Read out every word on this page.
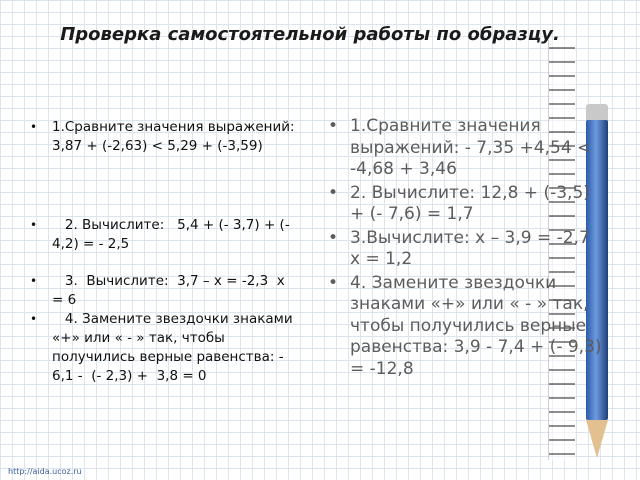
Проверка самостоятельной работы по образцу.
• 1.Сравните значения выражений: 3,87 + (-2,63) < 5,29 + (-3,59)
• 2. Вычислите:   5,4 + (- 3,7) + (- 4,2) = - 2,5
• 3.  Вычислите:  3,7 – х = -2,3  х = 6
• 4. Замените звездочки знаками «+» или « - » так, чтобы получились верные равенства: - 6,1 -  (- 2,3) +  3,8 = 0
• 1.Сравните значения выражений: - 7,35 +4,54 < -4,68 + 3,46
• 2. Вычислите: 12,8 + (-3,5) + (- 7,6) = 1,7
• 3.Вычислите: х – 3,9 = -2,7 х = 1,2
• 4. Замените звездочки знаками «+» или « - » так, чтобы получились верные равенства: 3,9 - 7,4 + (- 9,3) = -12,8
http://aida.ucoz.ru
